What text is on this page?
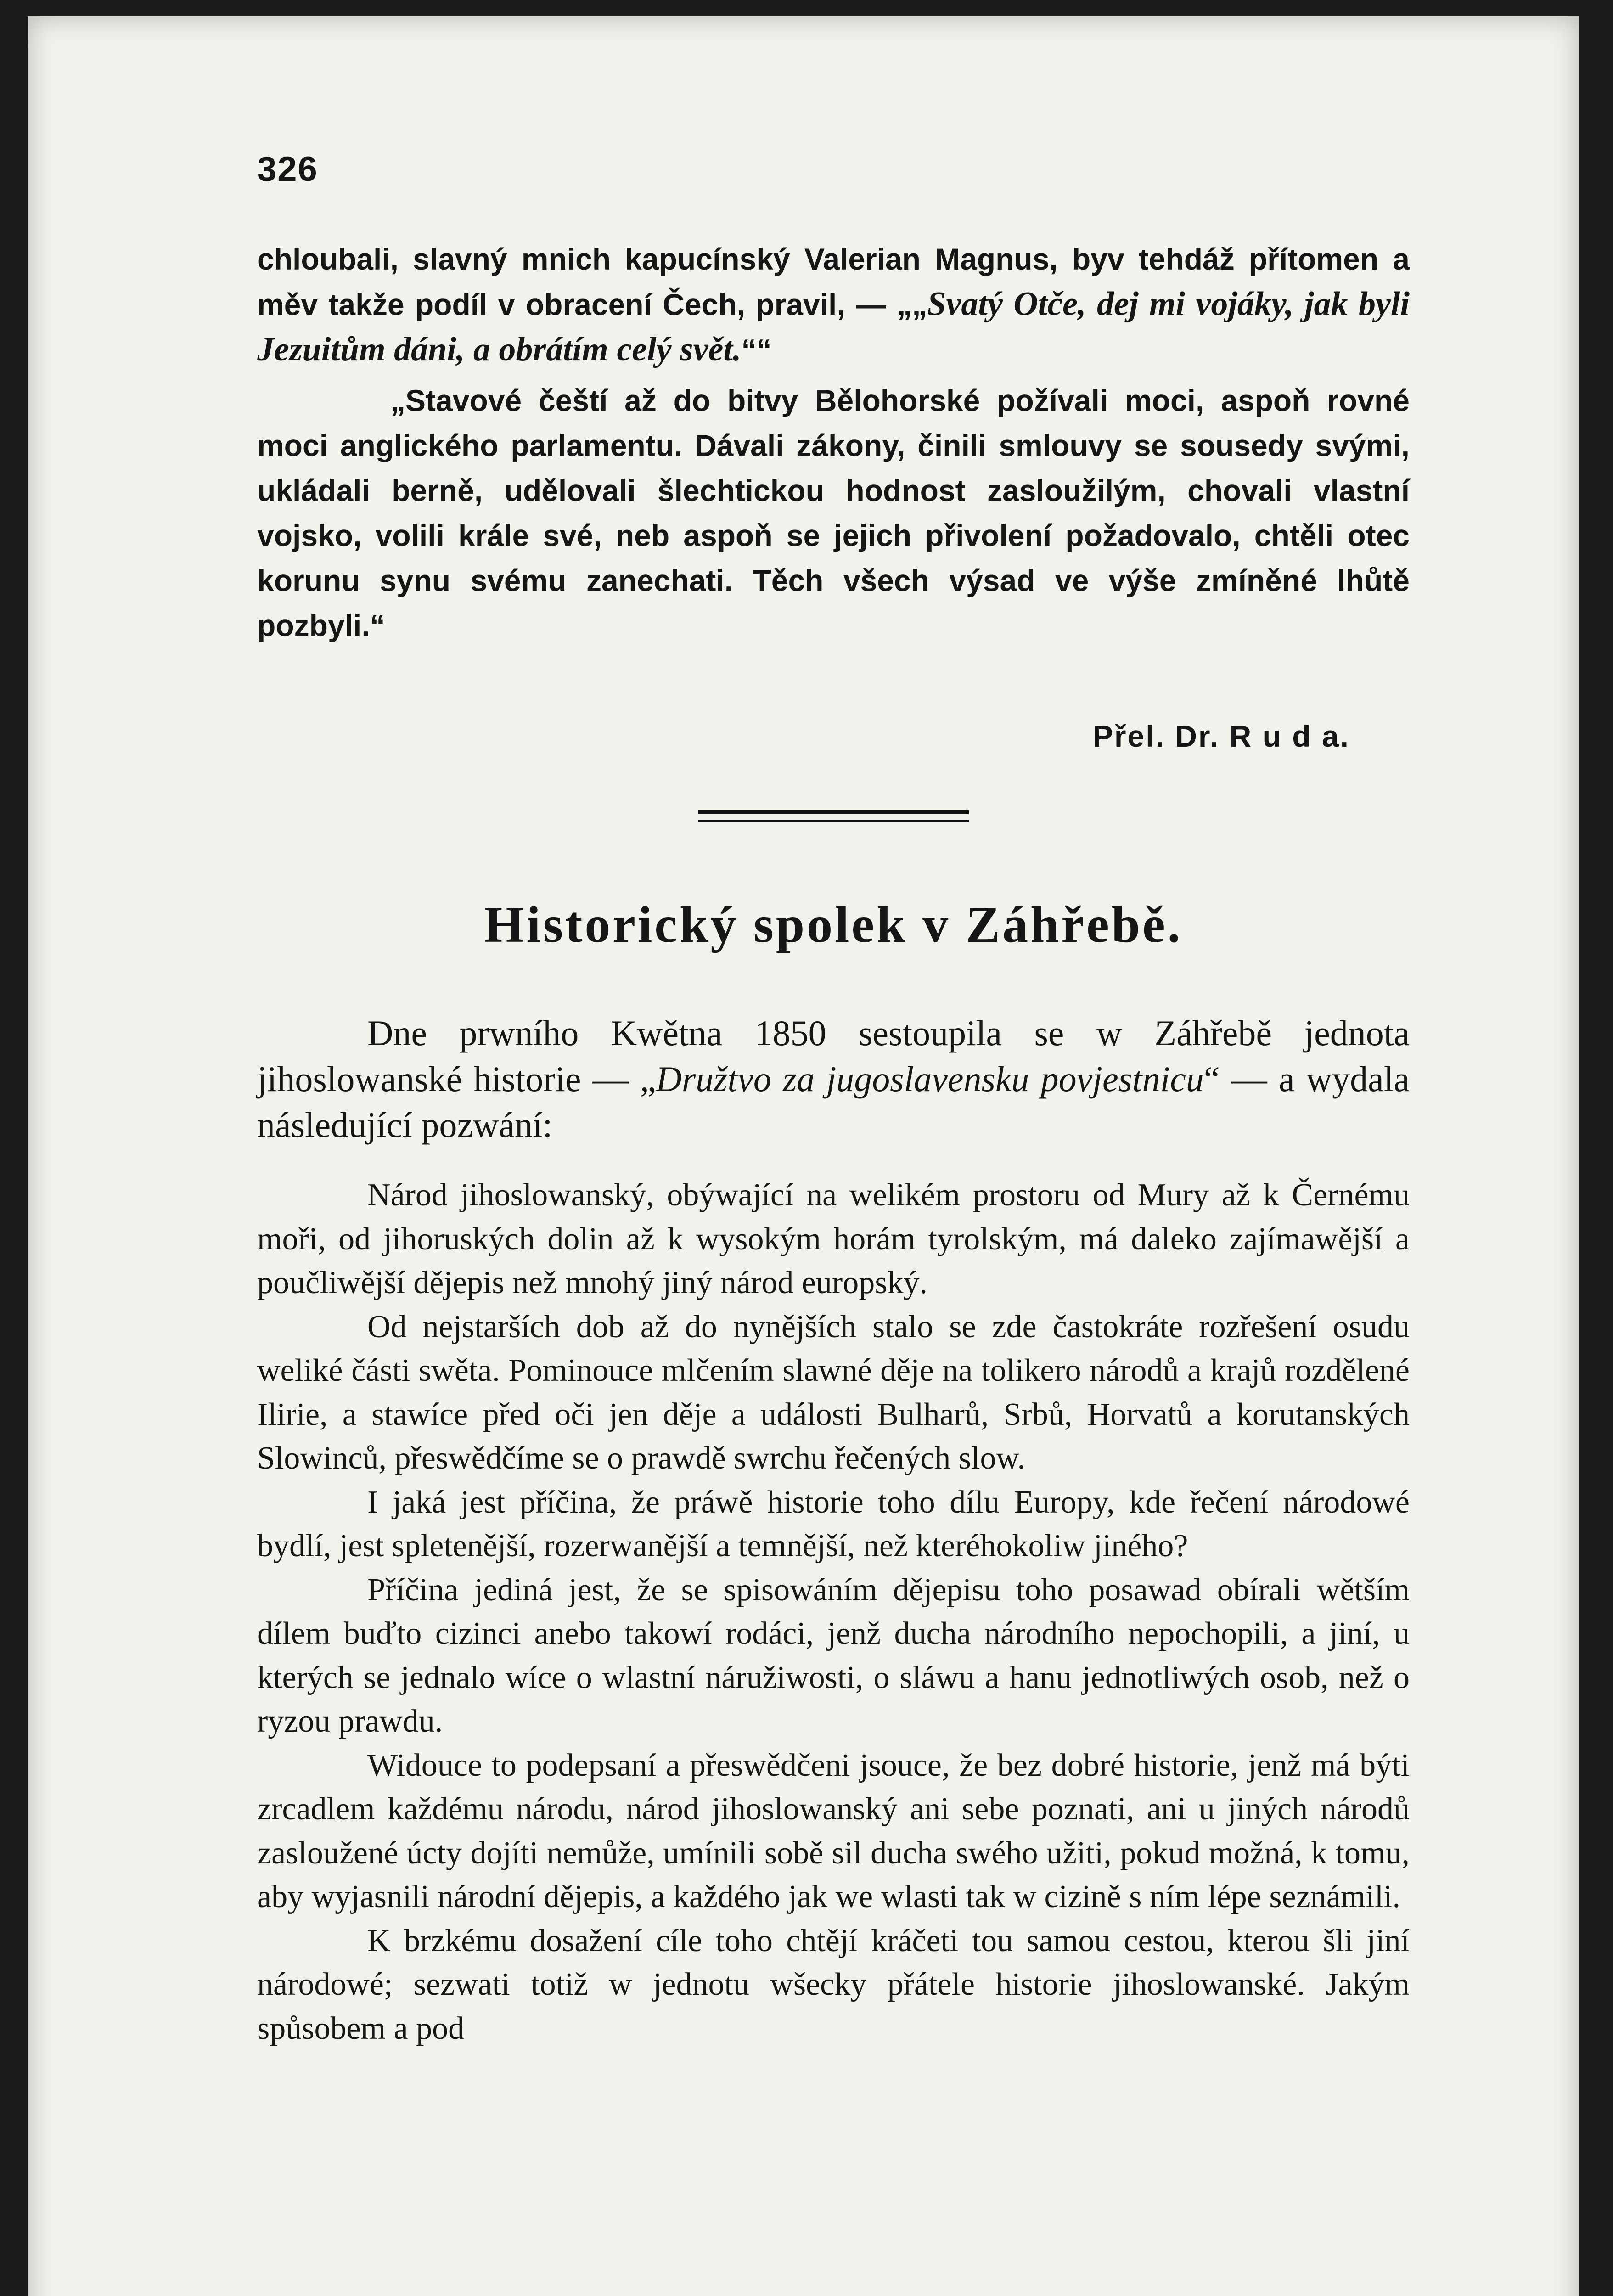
326

chloubali, slavný mnich kapucínský Valerian Magnus, byv tehdáž přítomen a měv takže podíl v obracení Čech, pravil, — „„Svatý Otče, dej mi vojáky, jak byli Jezuitům dáni, a obrátím celý svět.““

„Stavové čeští až do bitvy Bělohorské požívali moci, aspoň rovné moci anglického parlamentu. Dávali zákony, činili smlouvy se sousedy svými, ukládali berně, udělovali šlechtickou hodnost zasloužilým, chovali vlastní vojsko, volili krále své, neb aspoň se jejich přivolení požadovalo, chtěli otec korunu synu svému zanechati. Těch všech výsad ve výše zmíněné lhůtě pozbyli.“

Přel. Dr. R u d a.
Historický spolek v Záhřebě.

Dne prwního Kwětna 1850 sestoupila se w Záhřebě jednota jihoslowanské historie — „Družtvo za jugoslavensku povjestnicu“ — a wydala následující pozwání:

Národ jihoslowanský, obýwající na welikém prostoru od Mury až k Černému moři, od jihoruských dolin až k wysokým horám tyrolským, má daleko zajímawější a poučliwější dějepis než mnohý jiný národ europský.

Od nejstarších dob až do nynějších stalo se zde častokráte rozřešení osudu weliké části swěta. Pominouce mlčením slawné děje na tolikero národů a krajů rozdělené Ilirie, a stawíce před oči jen děje a události Bulharů, Srbů, Horvatů a korutanských Slowinců, přeswědčíme se o prawdě swrchu řečených slow.

I jaká jest příčina, že práwě historie toho dílu Europy, kde řečení národowé bydlí, jest spletenější, rozerwanější a temnější, než kteréhokoliw jiného?

Příčina jediná jest, že se spisowáním dějepisu toho posawad obírali wětším dílem buďto cizinci anebo takowí rodáci, jenž ducha národního nepochopili, a jiní, u kterých se jednalo wíce o wlastní náružiwosti, o sláwu a hanu jednotliwých osob, než o ryzou prawdu.

Widouce to podepsaní a přeswědčeni jsouce, že bez dobré historie, jenž má býti zrcadlem každému národu, národ jihoslowanský ani sebe poznati, ani u jiných národů zasloužené úcty dojíti nemůže, umínili sobě sil ducha swého užiti, pokud možná, k tomu, aby wyjasnili národní dějepis, a každého jak we wlasti tak w cizině s ním lépe seznámili.

K brzkému dosažení cíle toho chtějí kráčeti tou samou cestou, kterou šli jiní národowé; sezwati totiž w jednotu wšecky přátele historie jihoslowanské. Jakým spůsobem a pod
